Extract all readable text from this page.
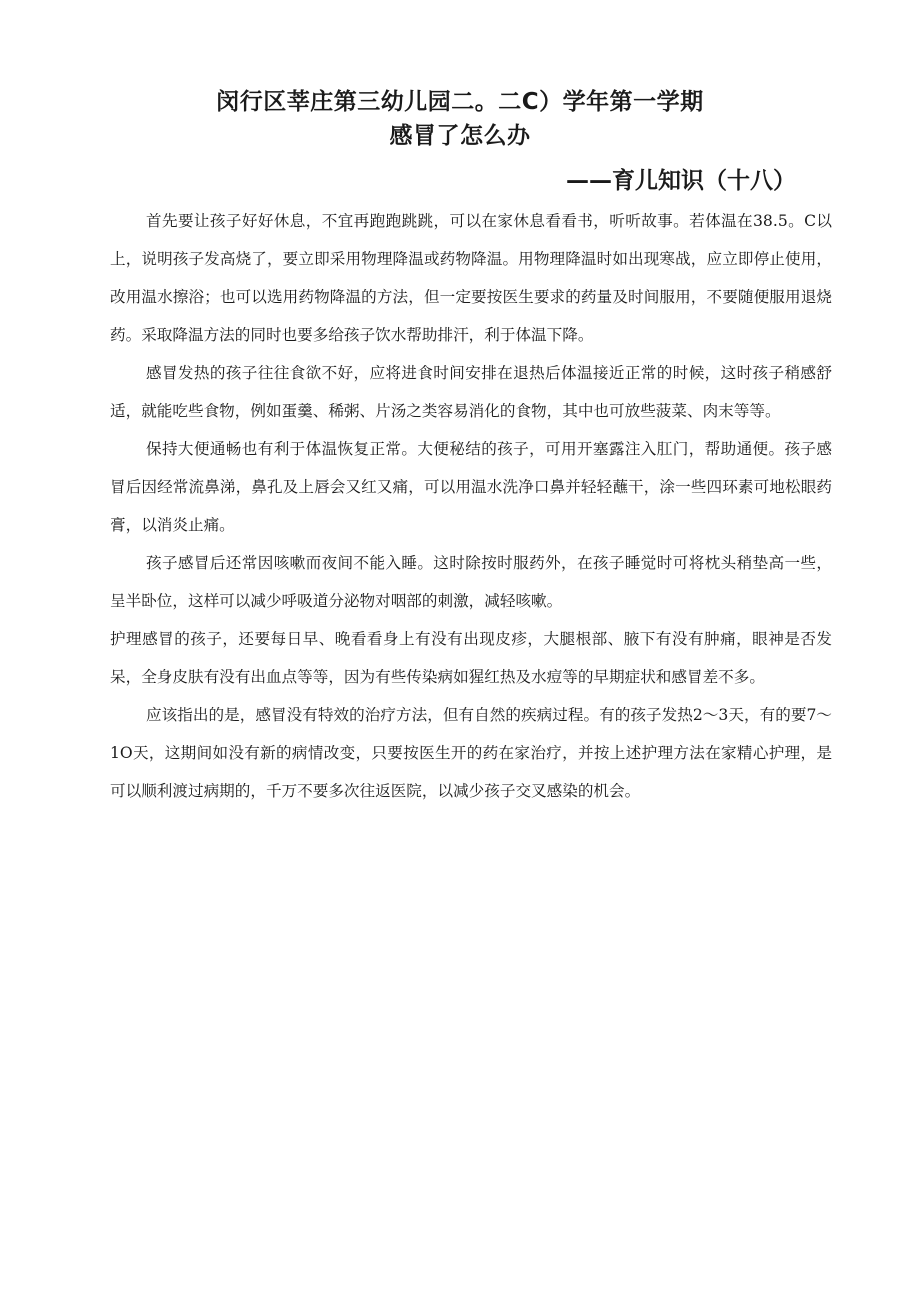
闵行区莘庄第三幼儿园二。二C）学年第一学期
感冒了怎么办
——育儿知识（十八）

首先要让孩子好好休息，不宜再跑跑跳跳，可以在家休息看看书，听听故事。若体温在38.5。C以上，说明孩子发高烧了，要立即采用物理降温或药物降温。用物理降温时如出现寒战，应立即停止使用，改用温水擦浴；也可以选用药物降温的方法，但一定要按医生要求的药量及时间服用，不要随便服用退烧药。采取降温方法的同时也要多给孩子饮水帮助排汗，利于体温下降。

感冒发热的孩子往往食欲不好，应将进食时间安排在退热后体温接近正常的时候，这时孩子稍感舒适，就能吃些食物，例如蛋羹、稀粥、片汤之类容易消化的食物，其中也可放些菠菜、肉末等等。

保持大便通畅也有利于体温恢复正常。大便秘结的孩子，可用开塞露注入肛门，帮助通便。孩子感冒后因经常流鼻涕，鼻孔及上唇会又红又痛，可以用温水洗净口鼻并轻轻蘸干，涂一些四环素可地松眼药膏，以消炎止痛。

孩子感冒后还常因咳嗽而夜间不能入睡。这时除按时服药外，在孩子睡觉时可将枕头稍垫高一些，呈半卧位，这样可以减少呼吸道分泌物对咽部的刺激，减轻咳嗽。

护理感冒的孩子，还要每日早、晚看看身上有没有出现皮疹，大腿根部、腋下有没有肿痛，眼神是否发呆，全身皮肤有没有出血点等等，因为有些传染病如猩红热及水痘等的早期症状和感冒差不多。

应该指出的是，感冒没有特效的治疗方法，但有自然的疾病过程。有的孩子发热2～3天，有的要7～1O天，这期间如没有新的病情改变，只要按医生开的药在家治疗，并按上述护理方法在家精心护理，是可以顺利渡过病期的，千万不要多次往返医院，以减少孩子交叉感染的机会。
